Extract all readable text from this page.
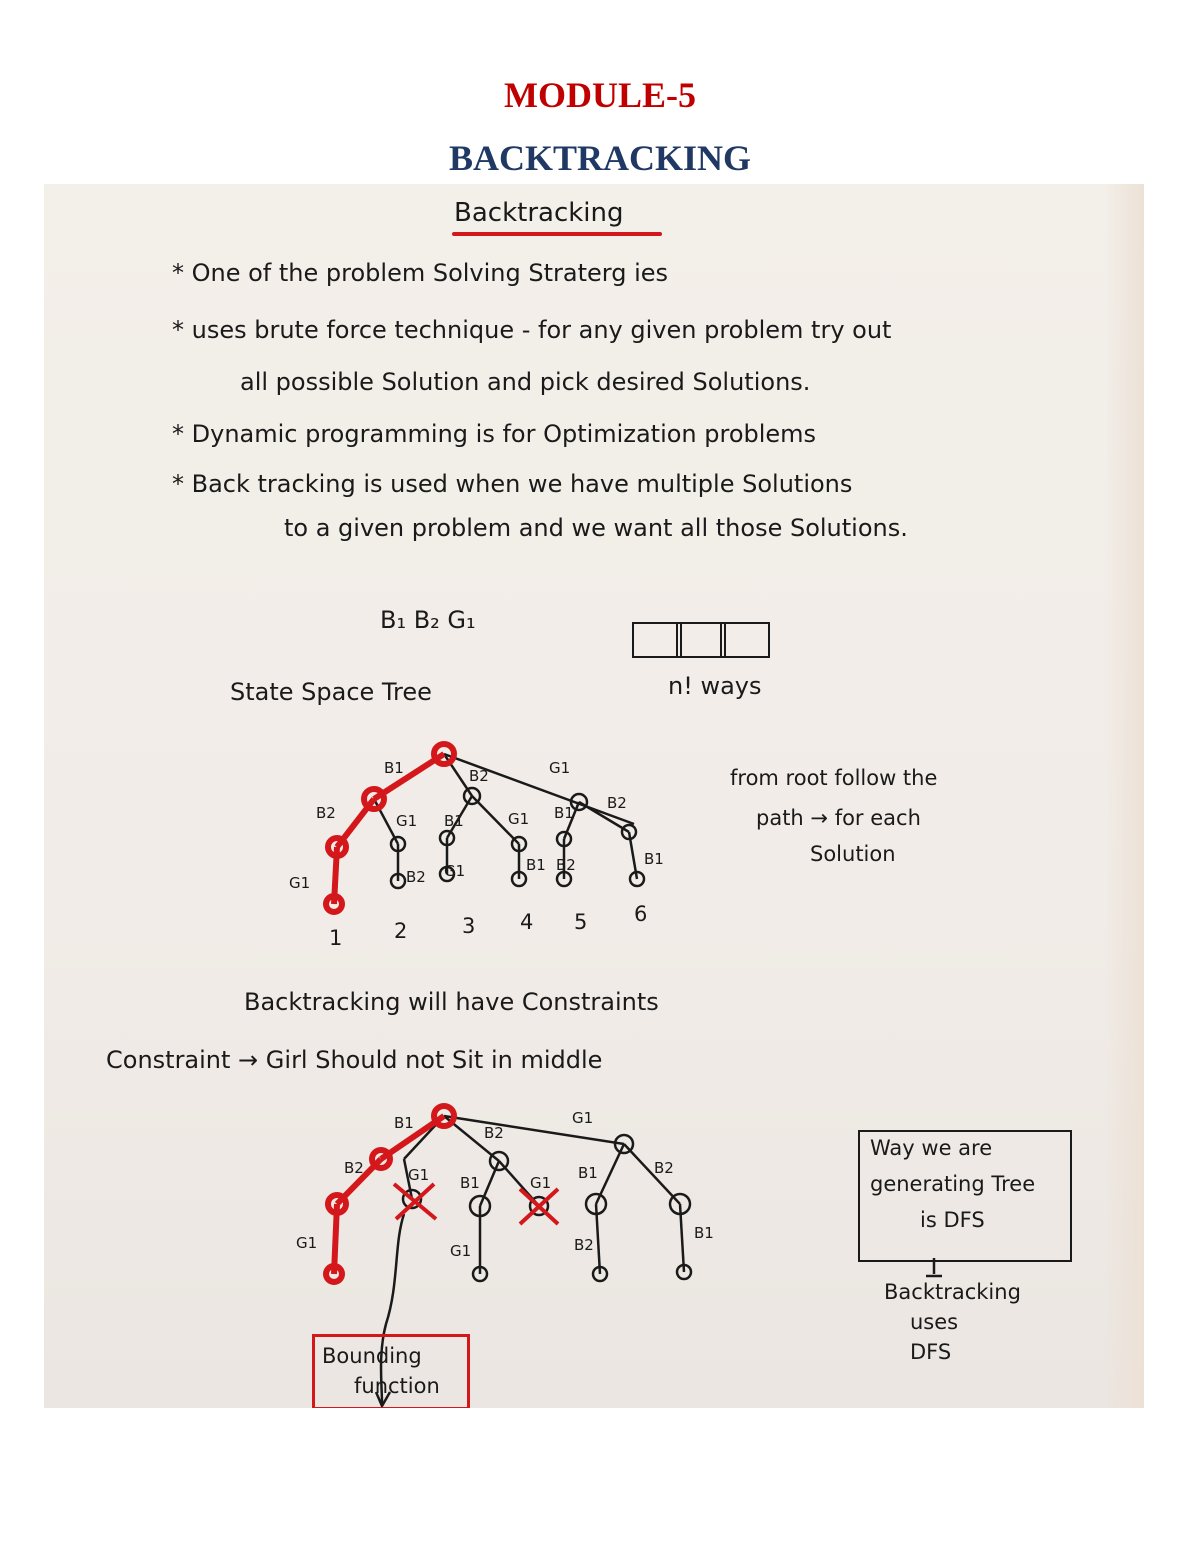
MODULE-5
BACKTRACKING
Backtracking
* One of the problem Solving Straterg ies
* uses brute force technique - for any given problem try out
all possible Solution and pick desired Solutions.
* Dynamic programming is for Optimization problems
* Back tracking is used when we have multiple Solutions
to a given problem and we want all those Solutions.
B₁ B₂ G₁
n! ways
State Space Tree
B1	B2	G1
B2	G1 B1	G1 B1
B2
G1	B2 G1	B1 B2	B1
1 2	3 4 5 6
from root follow the
path → for each
Solution
Backtracking will have Constraints
Constraint → Girl Should not Sit in middle
B1
B2
G1
B2	G1 B1	G1
B1	B2
G1	G1	B2
B1
Bounding
function
Way we are
generating Tree
is DFS
Backtracking
uses
DFS
